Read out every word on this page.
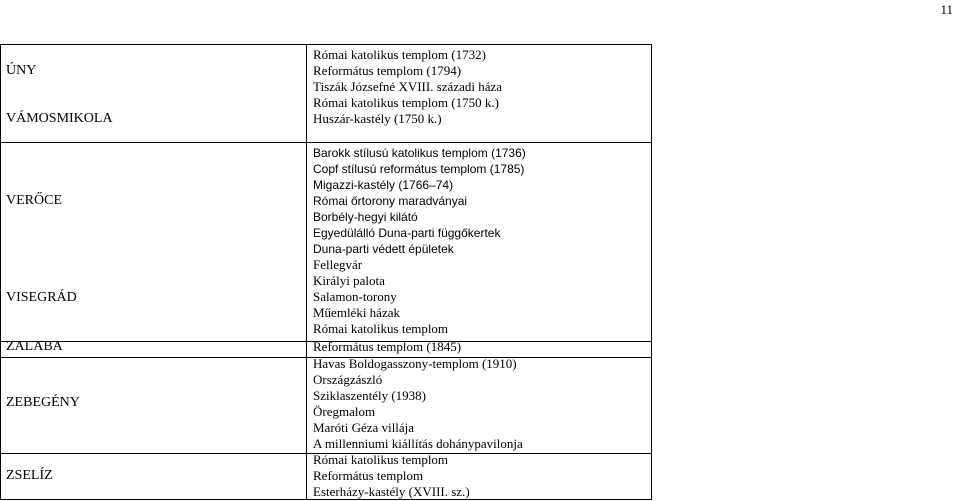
11
ÚNY
VÁMOSMIKOLA
VERŐCE
VISEGRÁD
ZALABA
ZEBEGÉNY
ZSELÍZ
Római katolikus templom (1732)
Református templom (1794)
Tiszák Józsefné XVIII. századi háza
Római katolikus templom (1750 k.)
Huszár-kastély (1750 k.)
Barokk stílusú katolikus templom (1736)
Copf stílusú református templom (1785)
Migazzi-kastély (1766–74)
Római őrtorony maradványai
Borbély-hegyi kilátó
Egyedülálló Duna-parti függőkertek
Duna-parti védett épületek
Fellegvár
Királyi palota
Salamon-torony
Műemléki házak
Római katolikus templom
Református templom (1845)
Havas Boldogasszony-templom (1910)
Országzászló
Sziklaszentély (1938)
Öregmalom
Maróti Géza villája
A millenniumi kiállítás dohánypavilonja
Római katolikus templom
Református templom
Esterházy-kastély (XVIII. sz.)
